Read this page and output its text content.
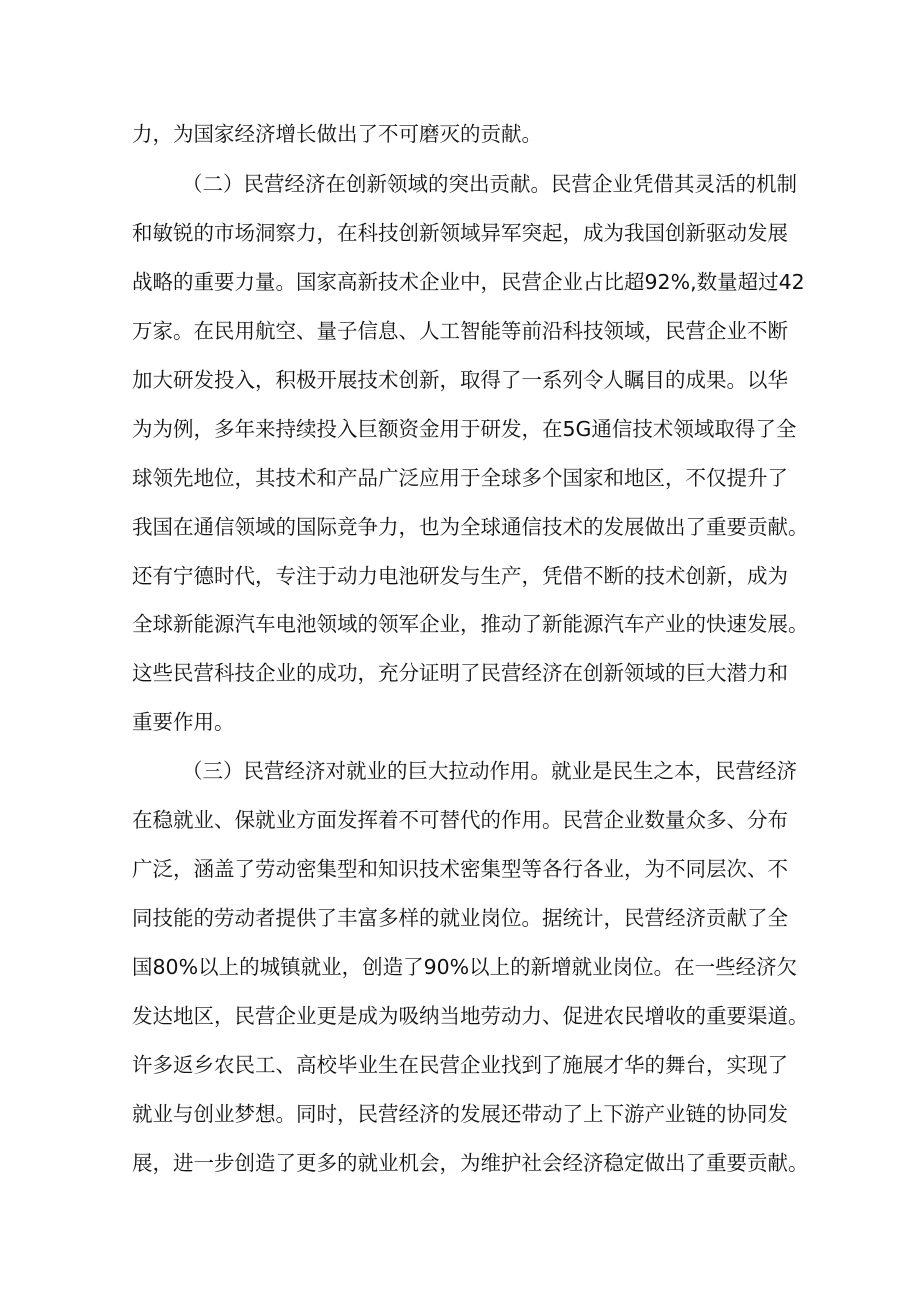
力，为国家经济增长做出了不可磨灭的贡献。
（二）民营经济在创新领域的突出贡献。民营企业凭借其灵活的机制
和敏锐的市场洞察力，在科技创新领域异军突起，成为我国创新驱动发展
战略的重要力量。国家高新技术企业中，民营企业占比超92%,数量超过42
万家。在民用航空、量子信息、人工智能等前沿科技领域，民营企业不断
加大研发投入，积极开展技术创新，取得了一系列令人瞩目的成果。以华
为为例，多年来持续投入巨额资金用于研发，在5G通信技术领域取得了全
球领先地位，其技术和产品广泛应用于全球多个国家和地区，不仅提升了
我国在通信领域的国际竞争力，也为全球通信技术的发展做出了重要贡献。
还有宁德时代，专注于动力电池研发与生产，凭借不断的技术创新，成为
全球新能源汽车电池领域的领军企业，推动了新能源汽车产业的快速发展。
这些民营科技企业的成功，充分证明了民营经济在创新领域的巨大潜力和
重要作用。
（三）民营经济对就业的巨大拉动作用。就业是民生之本，民营经济
在稳就业、保就业方面发挥着不可替代的作用。民营企业数量众多、分布
广泛，涵盖了劳动密集型和知识技术密集型等各行各业，为不同层次、不
同技能的劳动者提供了丰富多样的就业岗位。据统计，民营经济贡献了全
国80%以上的城镇就业，创造了90%以上的新增就业岗位。在一些经济欠
发达地区，民营企业更是成为吸纳当地劳动力、促进农民增收的重要渠道。
许多返乡农民工、高校毕业生在民营企业找到了施展才华的舞台，实现了
就业与创业梦想。同时，民营经济的发展还带动了上下游产业链的协同发
展，进一步创造了更多的就业机会，为维护社会经济稳定做出了重要贡献。
